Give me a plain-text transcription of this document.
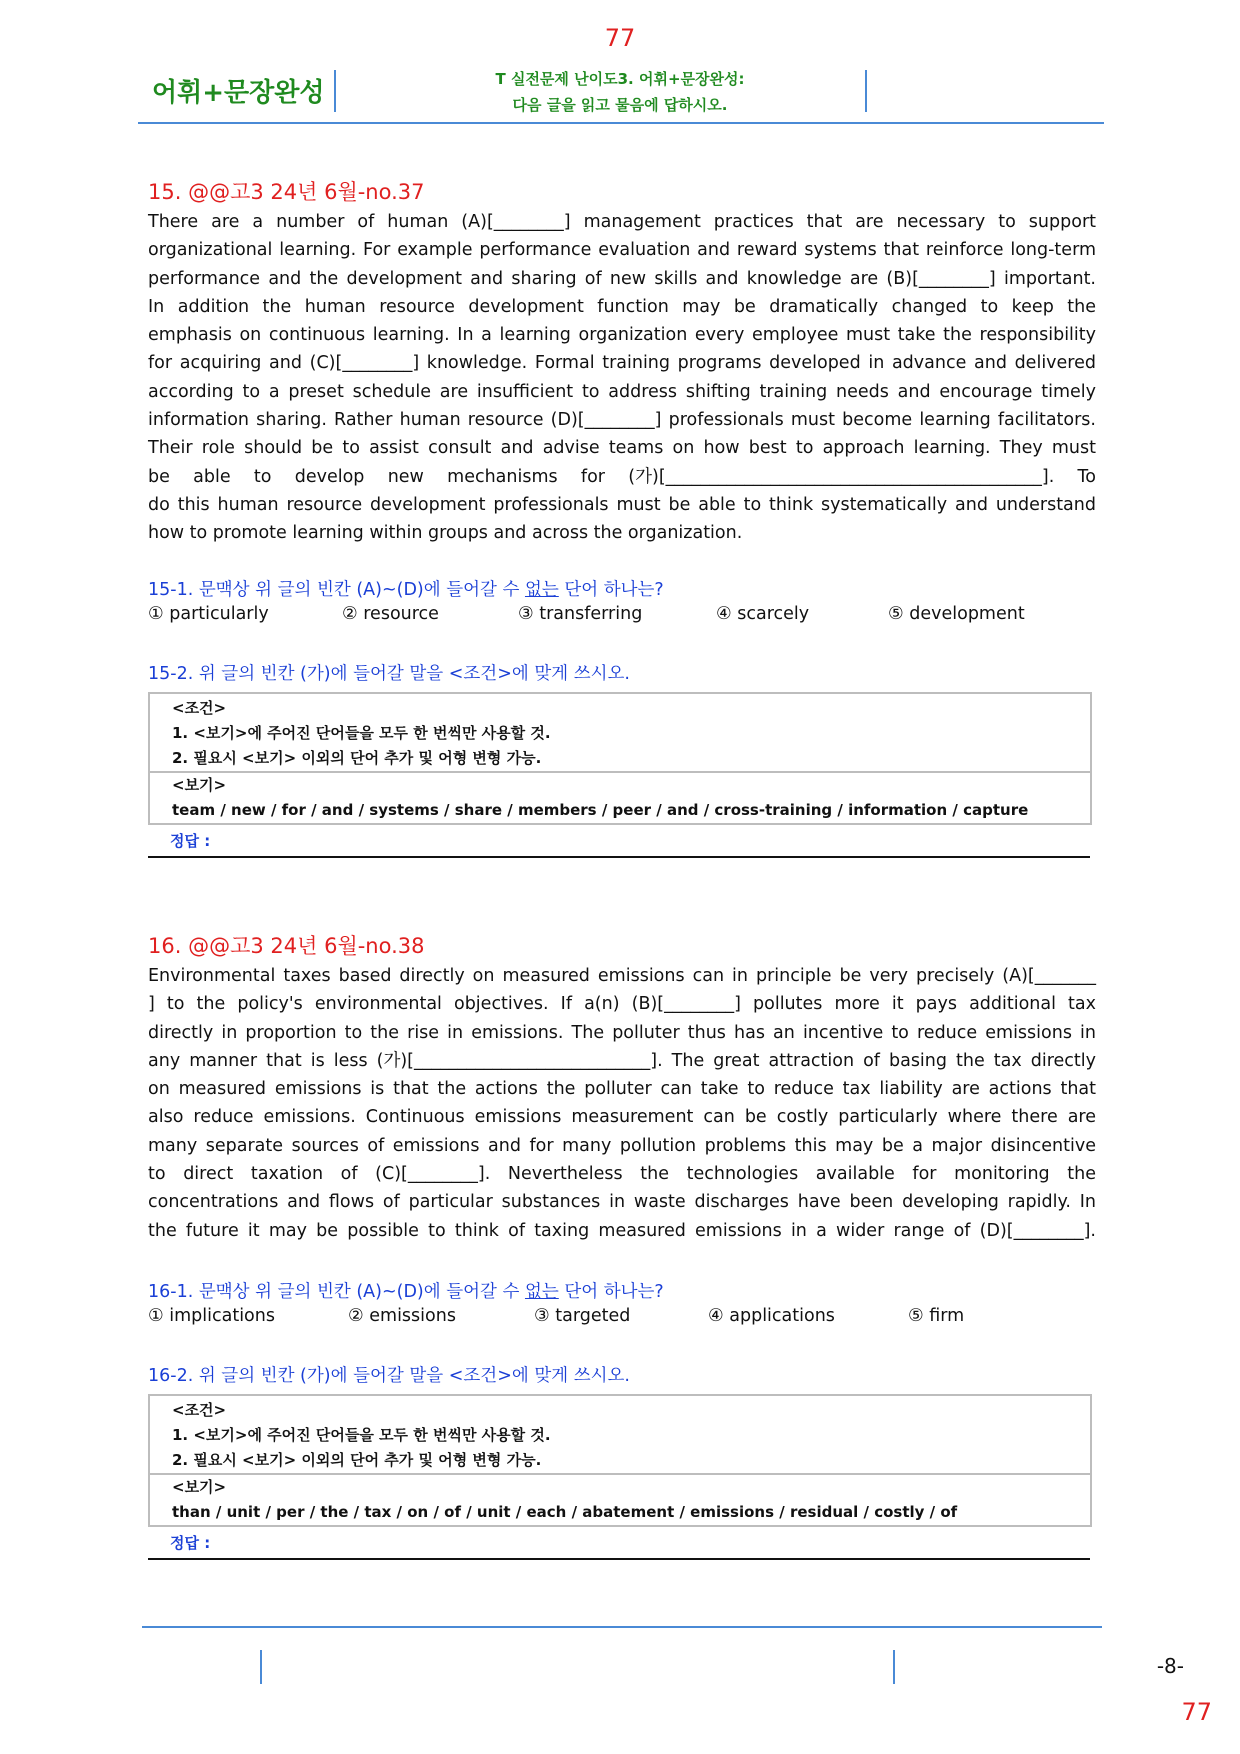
77
어휘+문장완성	T 실전문제 난이도3. 어휘+문장완성:
다음 글을 읽고 물음에 답하시오.
15. @@고3 24년 6월-no.37
There are a number of human (A)[________] management practices that are necessary to support
organizational learning. For example performance evaluation and reward systems that reinforce long-term
performance and the development and sharing of new skills and knowledge are (B)[________] important.
In addition the human resource development function may be dramatically changed to keep the
emphasis on continuous learning. In a learning organization every employee must take the responsibility
for acquiring and (C)[________] knowledge. Formal training programs developed in advance and delivered
according to a preset schedule are insufficient to address shifting training needs and encourage timely
information sharing. Rather human resource (D)[________] professionals must become learning facilitators.
Their role should be to assist consult and advise teams on how best to approach learning. They must
be able to develop new mechanisms for (가)[___________________________________________]. To
do this human resource development professionals must be able to think systematically and understand
how to promote learning within groups and across the organization.
15-1. 문맥상 위 글의 빈칸 (A)~(D)에 들어갈 수 없는 단어 하나는?
① particularly	② resource	③ transferring	④ scarcely	⑤ development
15-2. 위 글의 빈칸 (가)에 들어갈 말을 <조건>에 맞게 쓰시오.
<조건>
1. <보기>에 주어진 단어들을 모두 한 번씩만 사용할 것.
2. 필요시 <보기> 이외의 단어 추가 및 어형 변형 가능.
<보기>
team / new / for / and / systems / share / members / peer / and / cross-training / information / capture
정답 :
16. @@고3 24년 6월-no.38
Environmental taxes based directly on measured emissions can in principle be very precisely (A)[_______
] to the policy's environmental objectives. If a(n) (B)[________] pollutes more it pays additional tax
directly in proportion to the rise in emissions. The polluter thus has an incentive to reduce emissions in
any manner that is less (가)[___________________________]. The great attraction of basing the tax directly
on measured emissions is that the actions the polluter can take to reduce tax liability are actions that
also reduce emissions. Continuous emissions measurement can be costly particularly where there are
many separate sources of emissions and for many pollution problems this may be a major disincentive
to direct taxation of (C)[________]. Nevertheless the technologies available for monitoring the
concentrations and flows of particular substances in waste discharges have been developing rapidly. In
the future it may be possible to think of taxing measured emissions in a wider range of (D)[________].
16-1. 문맥상 위 글의 빈칸 (A)~(D)에 들어갈 수 없는 단어 하나는?
① implications	② emissions	③ targeted	④ applications	⑤ firm
16-2. 위 글의 빈칸 (가)에 들어갈 말을 <조건>에 맞게 쓰시오.
<조건>
1. <보기>에 주어진 단어들을 모두 한 번씩만 사용할 것.
2. 필요시 <보기> 이외의 단어 추가 및 어형 변형 가능.
<보기>
than / unit / per / the / tax / on / of / unit / each / abatement / emissions / residual / costly / of
정답 :
-8-
77
